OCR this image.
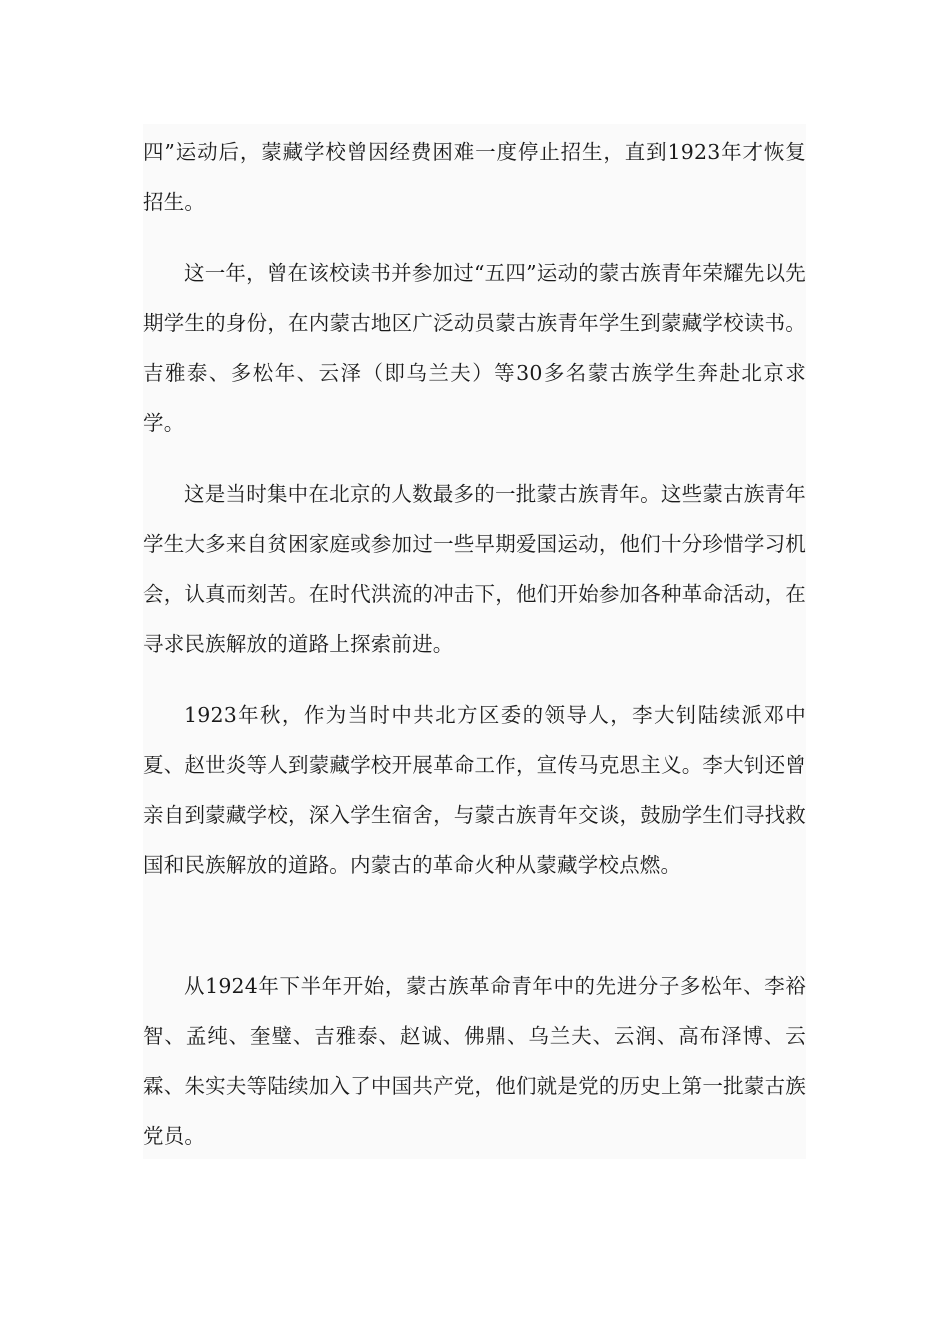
四”运动后，蒙藏学校曾因经费困难一度停止招生，直到1923年才恢复招生。

这一年，曾在该校读书并参加过“五四”运动的蒙古族青年荣耀先以先期学生的身份，在内蒙古地区广泛动员蒙古族青年学生到蒙藏学校读书。吉雅泰、多松年、云泽（即乌兰夫）等30多名蒙古族学生奔赴北京求学。

这是当时集中在北京的人数最多的一批蒙古族青年。这些蒙古族青年学生大多来自贫困家庭或参加过一些早期爱国运动，他们十分珍惜学习机会，认真而刻苦。在时代洪流的冲击下，他们开始参加各种革命活动，在寻求民族解放的道路上探索前进。

1923年秋，作为当时中共北方区委的领导人，李大钊陆续派邓中夏、赵世炎等人到蒙藏学校开展革命工作，宣传马克思主义。李大钊还曾亲自到蒙藏学校，深入学生宿舍，与蒙古族青年交谈，鼓励学生们寻找救国和民族解放的道路。内蒙古的革命火种从蒙藏学校点燃。

从1924年下半年开始，蒙古族革命青年中的先进分子多松年、李裕智、孟纯、奎璧、吉雅泰、赵诚、佛鼎、乌兰夫、云润、高布泽博、云霖、朱实夫等陆续加入了中国共产党，他们就是党的历史上第一批蒙古族党员。
